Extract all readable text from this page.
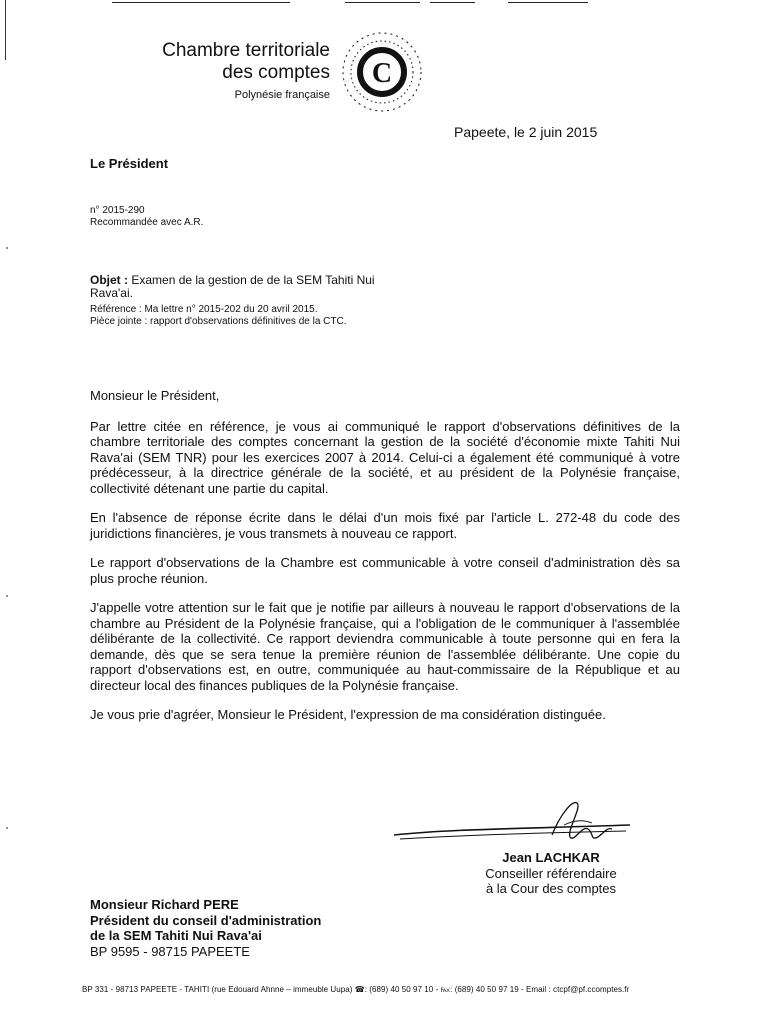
Chambre territoriale
des comptes
Polynésie française
C
Papeete, le 2 juin 2015
Le Président
n° 2015-290
Recommandée avec A.R.
Objet : Examen de la gestion de de la SEM Tahiti Nui Rava'ai.
Référence : Ma lettre n° 2015-202 du 20 avril 2015.
Pièce jointe : rapport d'observations définitives de la CTC.

Monsieur le Président,

Par lettre citée en référence, je vous ai communiqué le rapport d'observations définitives de la chambre territoriale des comptes concernant la gestion de la société d'économie mixte Tahiti Nui Rava'ai (SEM TNR) pour les exercices 2007 à 2014. Celui-ci a également été communiqué à votre prédécesseur, à la directrice générale de la société, et au président de la Polynésie française, collectivité détenant une partie du capital.

En l'absence de réponse écrite dans le délai d'un mois fixé par l'article L. 272-48 du code des juridictions financières, je vous transmets à nouveau ce rapport.

Le rapport d'observations de la Chambre est communicable à votre conseil d'administration dès sa plus proche réunion.

J'appelle votre attention sur le fait que je notifie par ailleurs à nouveau le rapport d'observations de la chambre au Président de la Polynésie française, qui a l'obligation de le communiquer à l'assemblée délibérante de la collectivité. Ce rapport deviendra communicable à toute personne qui en fera la demande, dès que se sera tenue la première réunion de l'assemblée délibérante. Une copie du rapport d'observations est, en outre, communiquée au haut-commissaire de la République et au directeur local des finances publiques de la Polynésie française.

Je vous prie d'agréer, Monsieur le Président, l'expression de ma considération distinguée.

Jean LACHKAR
Conseiller référendaire
à la Cour des comptes
Monsieur Richard PERE
Président du conseil d'administration
de la SEM Tahiti Nui Rava'ai
BP 9595 - 98715 PAPEETE
BP 331 - 98713 PAPEETE - TAHITI (rue Edouard Ahnne – immeuble Uupa) ☎: (689) 40 50 97 10 - ℻: (689) 40 50 97 19 - Email : ctcpf@pf.ccomptes.fr
